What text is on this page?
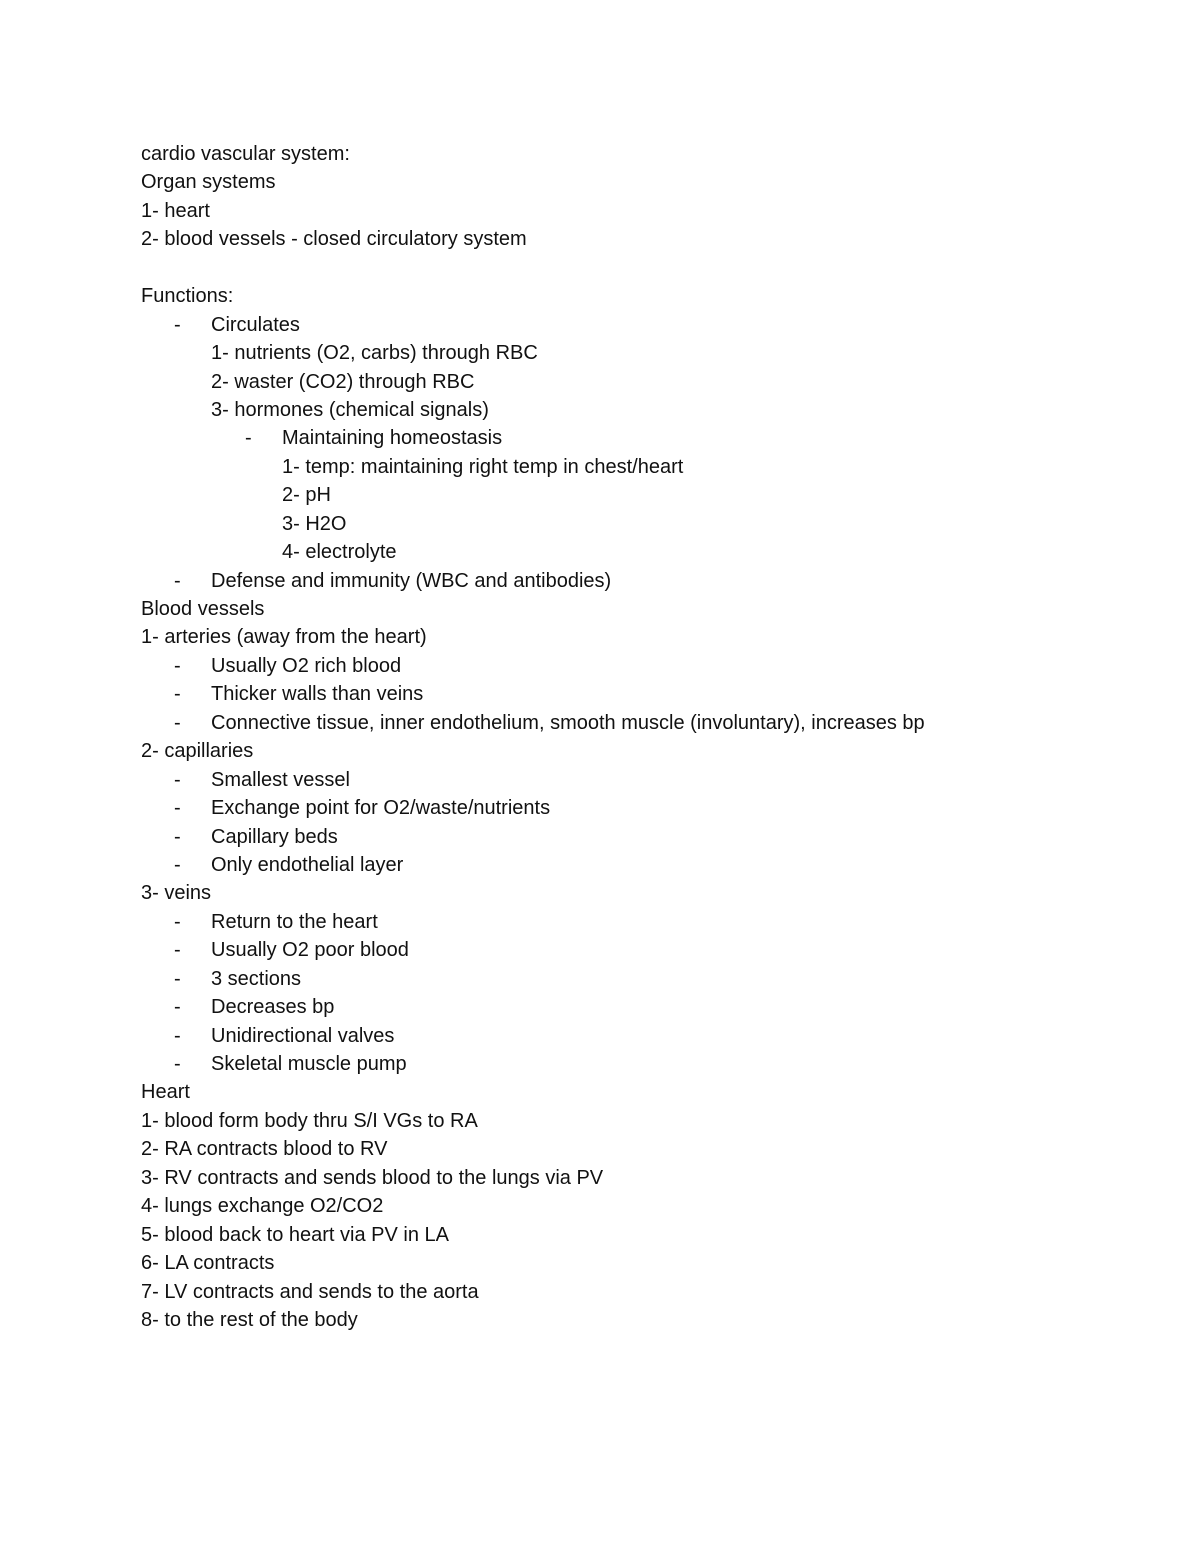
cardio vascular system:
Organ systems
1- heart
2- blood vessels - closed circulatory system
Functions:
- Circulates
1- nutrients (O2, carbs) through RBC
2- waster (CO2) through RBC
3- hormones (chemical signals)
- Maintaining homeostasis
1- temp: maintaining right temp in chest/heart
2- pH
3- H2O
4- electrolyte
- Defense and immunity (WBC and antibodies)
Blood vessels
1- arteries (away from the heart)
- Usually O2 rich blood
- Thicker walls than veins
- Connective tissue, inner endothelium, smooth muscle (involuntary), increases bp
2- capillaries
- Smallest vessel
- Exchange point for O2/waste/nutrients
- Capillary beds
- Only endothelial layer
3- veins
- Return to the heart
- Usually O2 poor blood
- 3 sections
- Decreases bp
- Unidirectional valves
- Skeletal muscle pump
Heart
1- blood form body thru S/I VGs to RA
2- RA contracts blood to RV
3- RV contracts and sends blood to the lungs via PV
4- lungs exchange O2/CO2
5- blood back to heart via PV in LA
6- LA contracts
7- LV contracts and sends to the aorta
8- to the rest of the body
